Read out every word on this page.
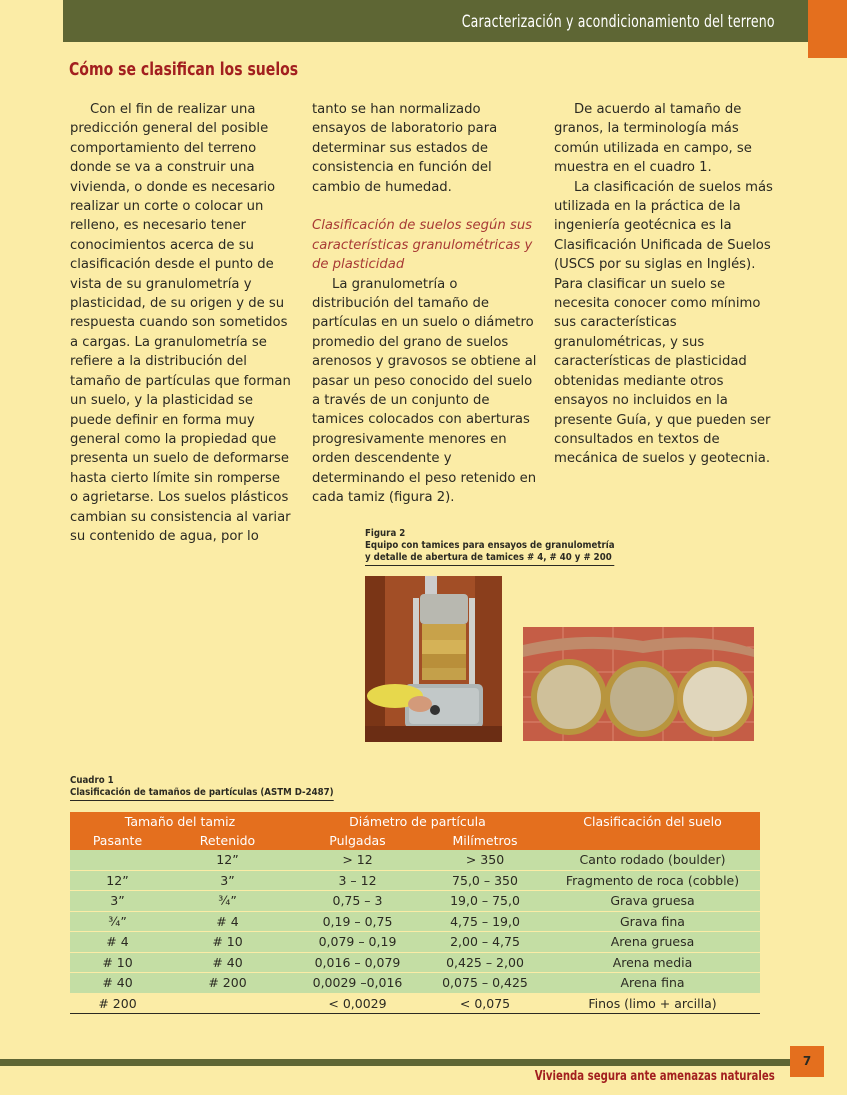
Caracterización y acondicionamiento del terreno
Cómo se clasifican los suelos

Con el fin de realizar una predicción general del posible comportamiento del terreno donde se va a construir una vivienda, o donde es necesario realizar un corte o colocar un relleno, es necesario tener conocimientos acerca de su clasificación desde el punto de vista de su granulometría y plasticidad, de su origen y de su respuesta cuando son sometidos a cargas. La granulometría se refiere a la distribución del tamaño de partículas que forman un suelo, y la plasticidad se puede definir en forma muy general como la propiedad que presenta un suelo de deformarse hasta cierto límite sin romperse o agrietarse. Los suelos plásticos cambian su consistencia al variar su contenido de agua, por lo

tanto se han normalizado ensayos de laboratorio para determinar sus estados de consistencia en función del cambio de humedad.

Clasificación de suelos según sus características granulométricas y de plasticidad

La granulometría o distribución del tamaño de partículas en un suelo o diámetro promedio del grano de suelos arenosos y gravosos se obtiene al pasar un peso conocido del suelo a través de un conjunto de tamices colocados con aberturas progresivamente menores en orden descendente y determinando el peso retenido en cada tamiz (figura 2).

De acuerdo al tamaño de granos, la terminología más común utilizada en campo, se muestra en el cuadro 1.

La clasificación de suelos más utilizada en la práctica de la ingeniería geotécnica es la Clasificación Unificada de Suelos (USCS por su siglas en Inglés). Para clasificar un suelo se necesita conocer como mínimo sus características granulométricas, y sus características de plasticidad obtenidas mediante otros ensayos no incluidos en la presente Guía, y que pueden ser consultados en textos de mecánica de suelos y geotecnia.

Figura 2
Equipo con tamices para ensayos de granulometría
y detalle de abertura de tamices # 4, # 40 y # 200
Cuadro 1
Clasificación de tamaños de partículas (ASTM D-2487)
Tamaño del tamiz		Diámetro de partícula		Clasificación del suelo
Pasante	Retenido	Pulgadas	Milímetros	
	12”	> 12	> 350	Canto rodado (boulder)
12”	3”	3 – 12	75,0 – 350	Fragmento de roca (cobble)
3”	¾”	0,75 – 3	19,0 – 75,0	Grava gruesa
¾”	# 4	0,19 – 0,75	4,75 – 19,0	Grava fina
# 4	# 10	0,079 – 0,19	2,00 – 4,75	Arena gruesa
# 10	# 40	0,016 – 0,079	0,425 – 2,00	Arena media
# 40	# 200	0,0029 –0,016	0,075 – 0,425	Arena fina
# 200		< 0,0029	< 0,075	Finos (limo + arcilla)
7
Vivienda segura ante amenazas naturales
